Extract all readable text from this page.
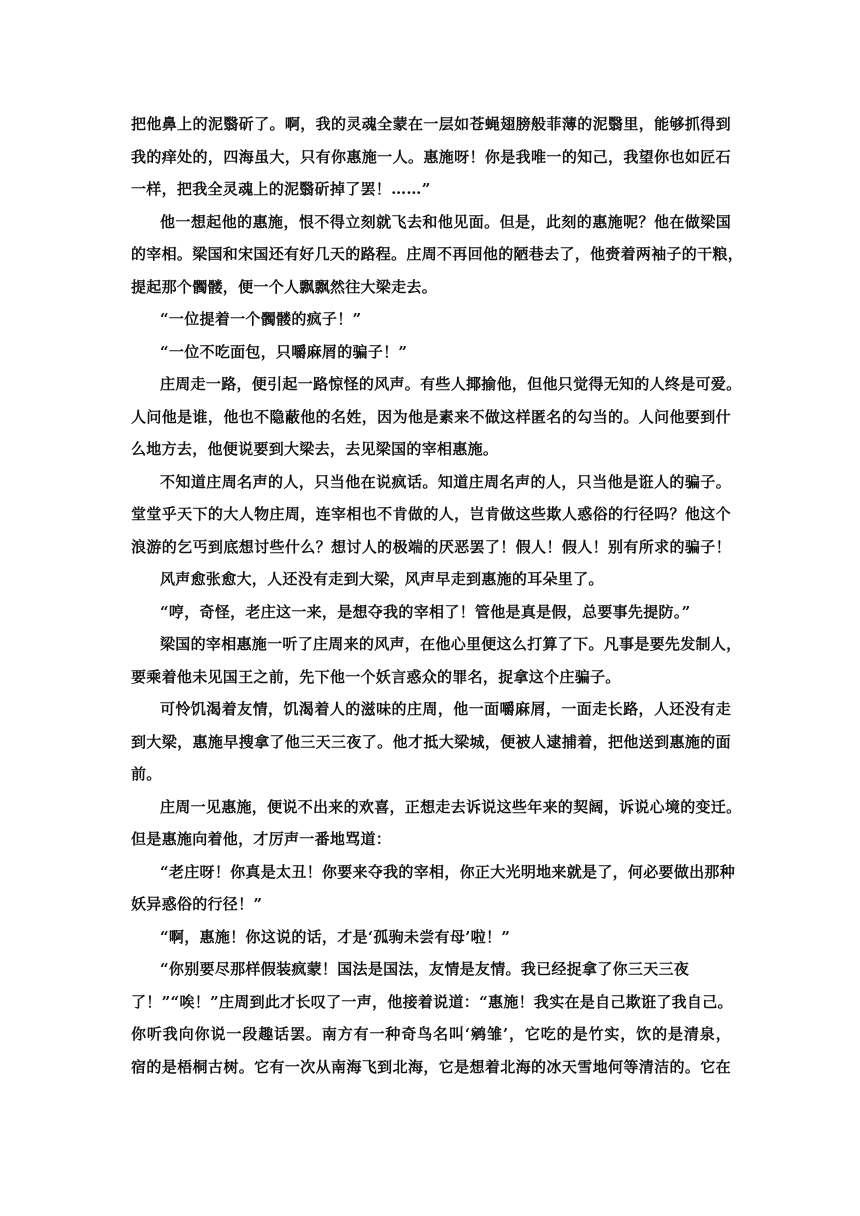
把他鼻上的泥翳斫了。啊，我的灵魂全蒙在一层如苍蝇翅膀般菲薄的泥翳里，能够抓得到
我的痒处的，四海虽大，只有你惠施一人。惠施呀！你是我唯一的知己，我望你也如匠石
一样，把我全灵魂上的泥翳斫掉了罢！……”
他一想起他的惠施，恨不得立刻就飞去和他见面。但是，此刻的惠施呢？他在做梁国
的宰相。梁国和宋国还有好几天的路程。庄周不再回他的陋巷去了，他赍着两袖子的干粮，
提起那个髑髅，便一个人飘飘然往大梁走去。
“一位提着一个髑髅的疯子！”
“一位不吃面包，只嚼麻屑的骗子！”
庄周走一路，便引起一路惊怪的风声。有些人揶揄他，但他只觉得无知的人终是可爱。
人问他是谁，他也不隐蔽他的名姓，因为他是素来不做这样匿名的勾当的。人问他要到什
么地方去，他便说要到大梁去，去见梁国的宰相惠施。
不知道庄周名声的人，只当他在说疯话。知道庄周名声的人，只当他是诳人的骗子。
堂堂乎天下的大人物庄周，连宰相也不肯做的人，岂肯做这些欺人惑俗的行径吗？他这个
浪游的乞丐到底想讨些什么？想讨人的极端的厌恶罢了！假人！假人！别有所求的骗子！
风声愈张愈大，人还没有走到大梁，风声早走到惠施的耳朵里了。
“哼，奇怪，老庄这一来，是想夺我的宰相了！管他是真是假，总要事先提防。”
梁国的宰相惠施一听了庄周来的风声，在他心里便这么打算了下。凡事是要先发制人，
要乘着他未见国王之前，先下他一个妖言惑众的罪名，捉拿这个庄骗子。
可怜饥渴着友情，饥渴着人的滋味的庄周，他一面嚼麻屑，一面走长路，人还没有走
到大梁，惠施早搜拿了他三天三夜了。他才抵大梁城，便被人逮捕着，把他送到惠施的面
前。
庄周一见惠施，便说不出来的欢喜，正想走去诉说这些年来的契阔，诉说心境的变迁。
但是惠施向着他，才厉声一番地骂道：
“老庄呀！你真是太丑！你要来夺我的宰相，你正大光明地来就是了，何必要做出那种
妖异惑俗的行径！”
“啊，惠施！你这说的话，才是‘孤驹未尝有母’啦！”
“你别要尽那样假装疯蒙！国法是国法，友情是友情。我已经捉拿了你三天三夜
了！”“唉！”庄周到此才长叹了一声，他接着说道：“惠施！我实在是自己欺诳了我自己。
你听我向你说一段趣话罢。南方有一种奇鸟名叫‘鹓雏’，它吃的是竹实，饮的是清泉，
宿的是梧桐古树。它有一次从南海飞到北海，它是想着北海的冰天雪地何等清洁的。它在
